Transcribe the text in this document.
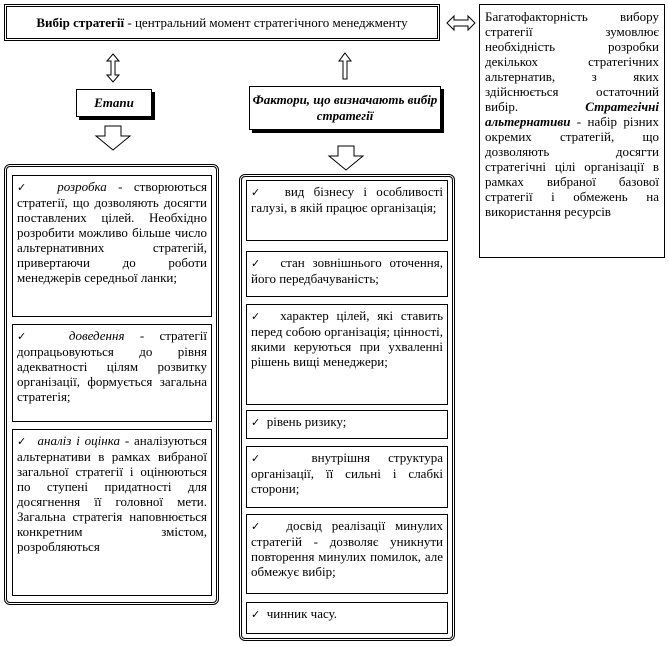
Вибір стратегії - центральний момент стратегічного менеджменту	Багатофакторність вибору стратегії зумовлює необхідність розробки декількох стратегічних альтернатив, з яких здійснюється остаточний вибір. Стратегічні альтернативи - набір різних окремих стратегій, що дозволяють досягти стратегічні цілі організації в рамках вибраної базової стратегії і обмежень на використання ресурсів

Етапи	Фактори, що визначають вибір стратегії

✓ розробка - створюються стратегії, що дозволяють досягти поставлених цілей. Необхідно розробити можливо більше число альтернативних стратегій, привертаючи до роботи менеджерів середньої ланки;

✓ доведення - стратегії допрацьовуються до рівня адекватності цілям розвитку організації, формується загальна стратегія;

✓ аналіз і оцінка - аналізуються альтернативи в рамках вибраної загальної стратегії і оцінюються по ступені придатності для досягнення її головної мети. Загальна стратегія наповнюється конкретним змістом, розробляються

✓ вид бізнесу і особливості галузі, в якій працює організація;

✓ стан зовнішнього оточення, його передбачуваність;

✓ характер цілей, які ставить перед собою організація; цінності, якими керуються при ухваленні рішень вищі менеджери;

✓ рівень ризику;

✓	внутрішня структура організації, її сильні і слабкі сторони;

✓ досвід реалізації минулих стратегій - дозволяє уникнути повторення минулих помилок, але обмежує вибір;

✓ чинник часу.
